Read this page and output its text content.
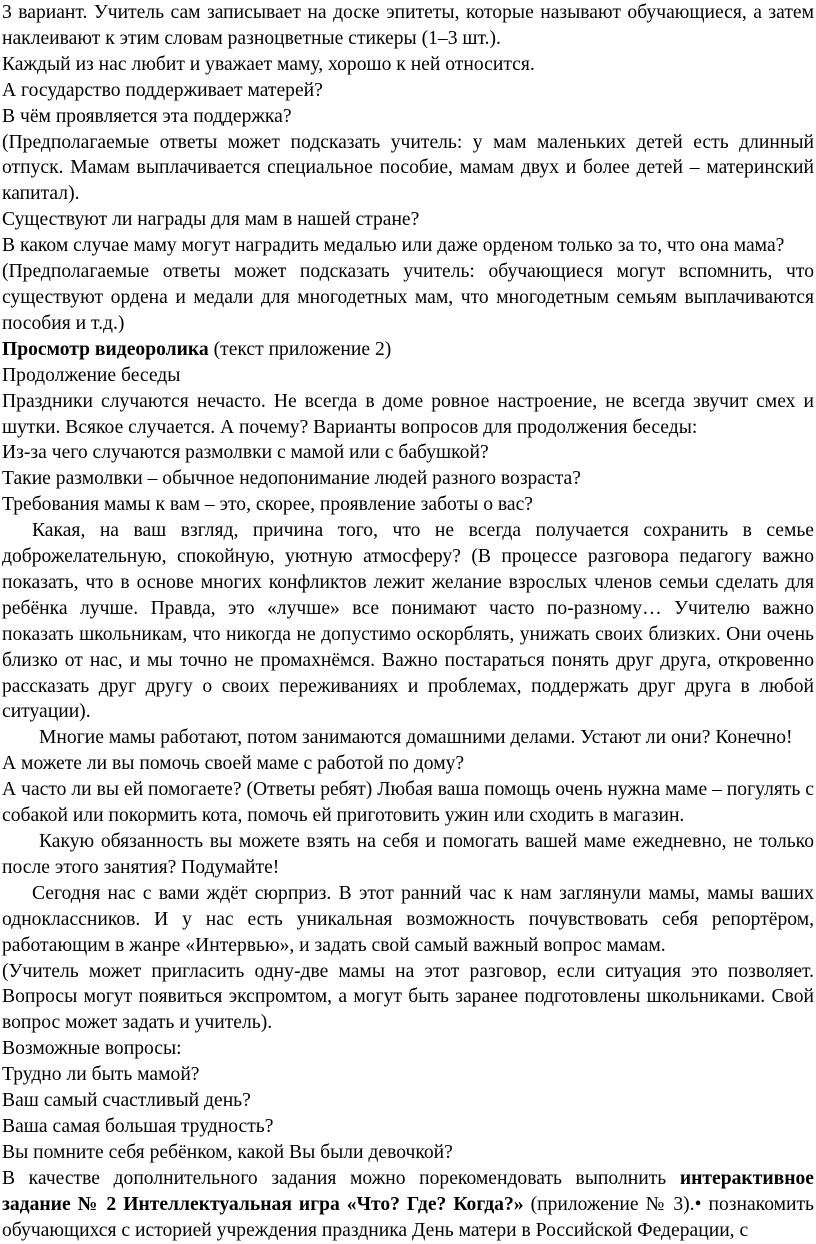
3 вариант. Учитель сам записывает на доске эпитеты, которые называют обучающиеся, а затем наклеивают к этим словам разноцветные стикеры (1–3 шт.).

Каждый из нас любит и уважает маму, хорошо к ней относится.

А государство поддерживает матерей?

В чём проявляется эта поддержка?

(Предполагаемые ответы может подсказать учитель: у мам маленьких детей есть длинный отпуск. Мамам выплачивается специальное пособие, мамам двух и более детей – материнский капитал).

Существуют ли награды для мам в нашей стране?

В каком случае маму могут наградить медалью или даже орденом только за то, что она мама?

(Предполагаемые ответы может подсказать учитель: обучающиеся могут вспомнить, что существуют ордена и медали для многодетных мам, что многодетным семьям выплачиваются пособия и т.д.)

Просмотр видеоролика (текст приложение 2)

Продолжение беседы

Праздники случаются нечасто. Не всегда в доме ровное настроение, не всегда звучит смех и шутки. Всякое случается. А почему? Варианты вопросов для продолжения беседы:

Из-за чего случаются размолвки с мамой или с бабушкой?

Такие размолвки – обычное недопонимание людей разного возраста?

Требования мамы к вам – это, скорее, проявление заботы о вас?

Какая, на ваш взгляд, причина того, что не всегда получается сохранить в семье доброжелательную, спокойную, уютную атмосферу? (В процессе разговора педагогу важно показать, что в основе многих конфликтов лежит желание взрослых членов семьи сделать для ребёнка лучше. Правда, это «лучше» все понимают часто по-разному… Учителю важно показать школьникам, что никогда не допустимо оскорблять, унижать своих близких. Они очень близко от нас, и мы точно не промахнёмся. Важно постараться понять друг друга, откровенно рассказать друг другу о своих переживаниях и проблемах, поддержать друг друга в любой ситуации).

Многие мамы работают, потом занимаются домашними делами. Устают ли они? Конечно!

А можете ли вы помочь своей маме с работой по дому?

А часто ли вы ей помогаете? (Ответы ребят) Любая ваша помощь очень нужна маме – погулять с собакой или покормить кота, помочь ей приготовить ужин или сходить в магазин.

Какую обязанность вы можете взять на себя и помогать вашей маме ежедневно, не только после этого занятия? Подумайте!

Сегодня нас с вами ждёт сюрприз. В этот ранний час к нам заглянули мамы, мамы ваших одноклассников. И у нас есть уникальная возможность почувствовать себя репортёром, работающим в жанре «Интервью», и задать свой самый важный вопрос мамам.

(Учитель может пригласить одну-две мамы на этот разговор, если ситуация это позволяет. Вопросы могут появиться экспромтом, а могут быть заранее подготовлены школьниками. Свой вопрос может задать и учитель).

Возможные вопросы:

Трудно ли быть мамой?

Ваш самый счастливый день?

Ваша самая большая трудность?

Вы помните себя ребёнком, какой Вы были девочкой?

В качестве дополнительного задания можно порекомендовать выполнить интерактивное задание № 2 Интеллектуальная игра «Что? Где? Когда?» (приложение № 3).• познакомить обучающихся с историей учреждения праздника День матери в Российской Федерации, с
